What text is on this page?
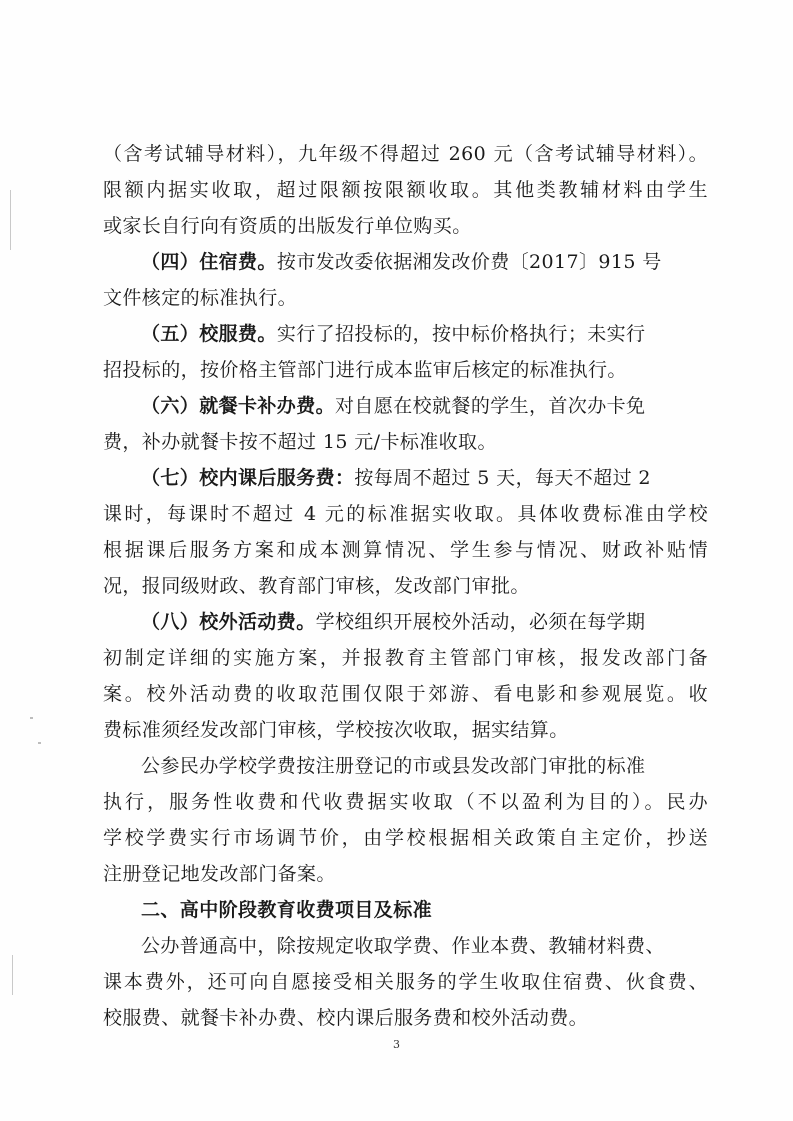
（含考试辅导材料），九年级不得超过 260 元（含考试辅导材料）。
限额内据实收取，超过限额按限额收取。其他类教辅材料由学生
或家长自行向有资质的出版发行单位购买。
（四）住宿费。按市发改委依据湘发改价费〔2017〕915 号
文件核定的标准执行。
（五）校服费。实行了招投标的，按中标价格执行；未实行
招投标的，按价格主管部门进行成本监审后核定的标准执行。
（六）就餐卡补办费。对自愿在校就餐的学生，首次办卡免
费，补办就餐卡按不超过 15 元/卡标准收取。
（七）校内课后服务费：按每周不超过 5 天，每天不超过 2
课时，每课时不超过 4 元的标准据实收取。具体收费标准由学校
根据课后服务方案和成本测算情况、学生参与情况、财政补贴情
况，报同级财政、教育部门审核，发改部门审批。
（八）校外活动费。学校组织开展校外活动，必须在每学期
初制定详细的实施方案，并报教育主管部门审核，报发改部门备
案。校外活动费的收取范围仅限于郊游、看电影和参观展览。收
费标准须经发改部门审核，学校按次收取，据实结算。
公参民办学校学费按注册登记的市或县发改部门审批的标准
执行，服务性收费和代收费据实收取（不以盈利为目的）。民办
学校学费实行市场调节价，由学校根据相关政策自主定价，抄送
注册登记地发改部门备案。
二、高中阶段教育收费项目及标准
公办普通高中，除按规定收取学费、作业本费、教辅材料费、
课本费外，还可向自愿接受相关服务的学生收取住宿费、伙食费、
校服费、就餐卡补办费、校内课后服务费和校外活动费。
3
